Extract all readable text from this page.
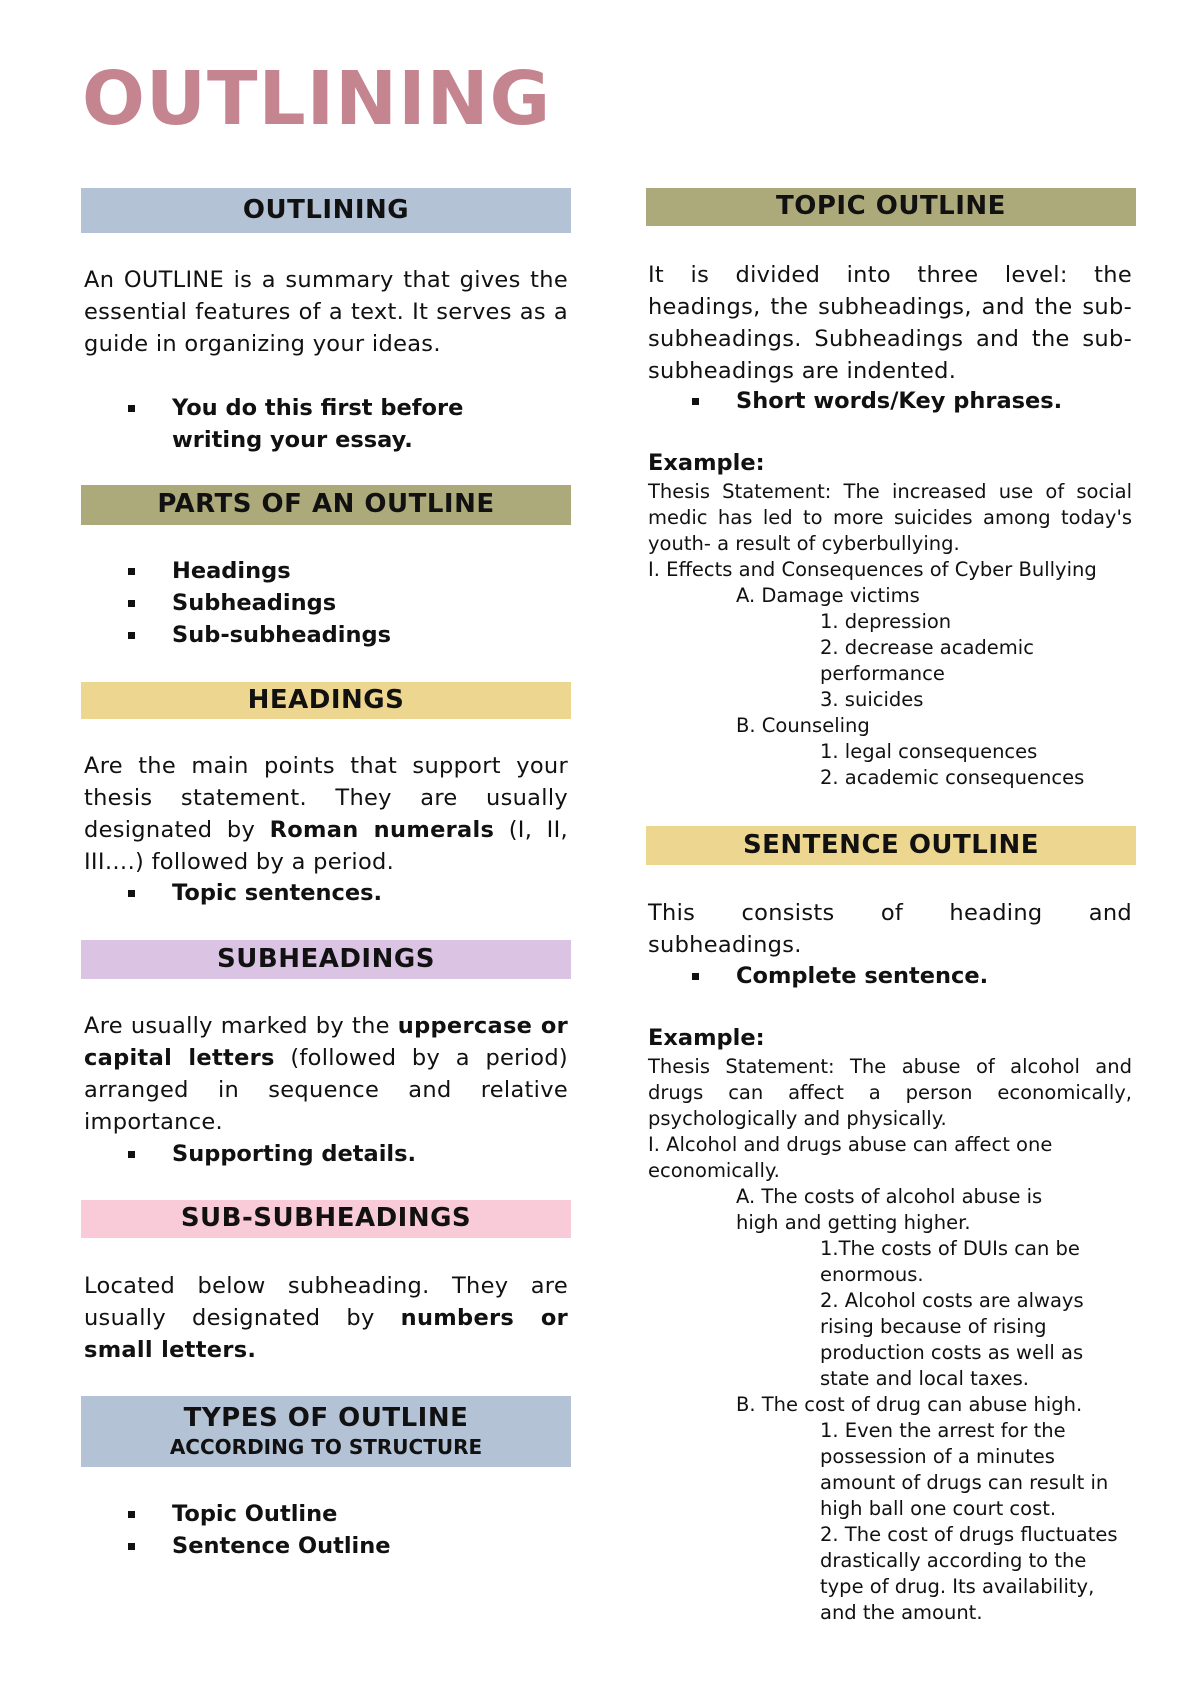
OUTLINING
OUTLINING
An OUTLINE is a summary that gives the essential features of a text. It serves as a guide in organizing your ideas.
You do this first before writing your essay.
PARTS OF AN OUTLINE
Headings
Subheadings
Sub-subheadings
HEADINGS
Are the main points that support your thesis statement. They are usually designated by Roman numerals (I, II, III….) followed by a period.
Topic sentences.
SUBHEADINGS
Are usually marked by the uppercase or capital letters (followed by a period) arranged in sequence and relative importance.
Supporting details.
SUB-SUBHEADINGS
Located below subheading. They are usually designated by numbers or small letters.
TYPES OF OUTLINE
ACCORDING TO STRUCTURE
Topic Outline
Sentence Outline
TOPIC OUTLINE
It is divided into three level: the headings, the subheadings, and the sub-subheadings. Subheadings and the sub-subheadings are indented.
Short words/Key phrases.
Example:
Thesis Statement: The increased use of social medic has led to more suicides among today's youth- a result of cyberbullying.
I. Effects and Consequences of Cyber Bullying
A. Damage victims
1. depression
2. decrease academic performance
3. suicides
B. Counseling
1. legal consequences
2. academic consequences
SENTENCE OUTLINE
This consists of heading and subheadings.
Complete sentence.
Example:
Thesis Statement: The abuse of alcohol and drugs can affect a person economically, psychologically and physically.
I. Alcohol and drugs abuse can affect one economically.
A. The costs of alcohol abuse is high and getting higher.
1.The costs of DUIs can be enormous.
2. Alcohol costs are always rising because of rising production costs as well as state and local taxes.
B. The cost of drug can abuse high.
1. Even the arrest for the possession of a minutes amount of drugs can result in high ball one court cost.
2. The cost of drugs fluctuates drastically according to the type of drug. Its availability, and the amount.
